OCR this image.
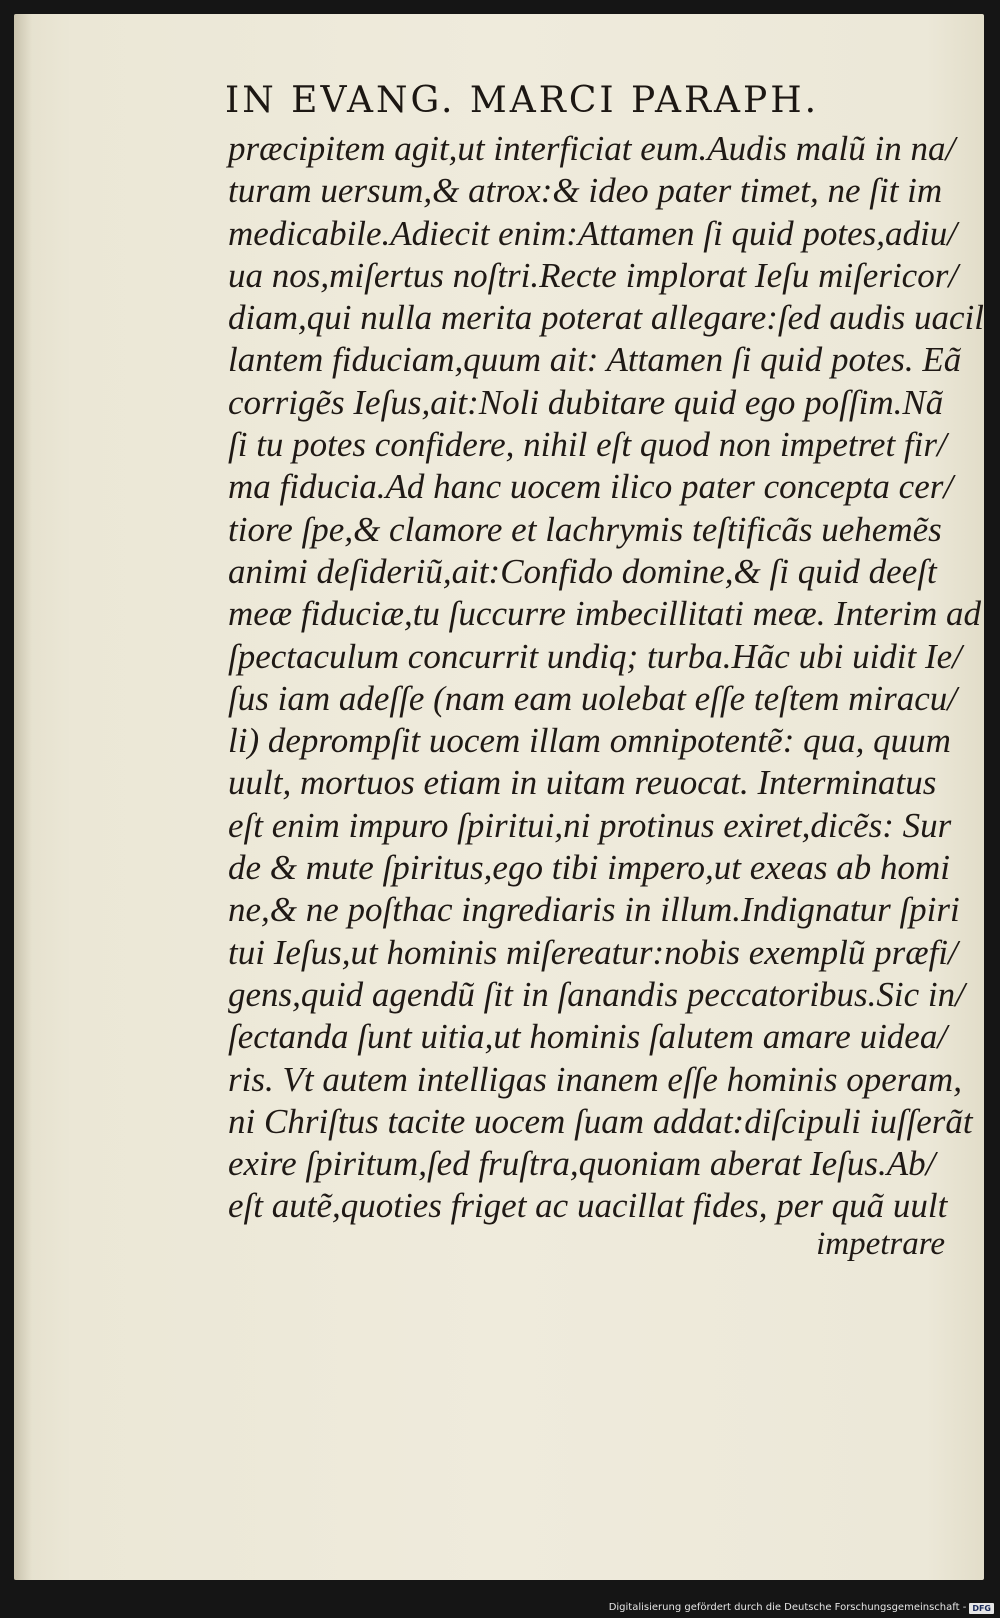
IN EVANG. MARCI PARAPH.
præcipitem agit,ut interficiat eum.Audis malũ in na/
turam uersum,& atrox:& ideo pater timet, ne ſit im
medicabile.Adiecit enim:Attamen ſi quid potes,adiu/
ua nos,miſertus noſtri.Recte implorat Ieſu miſericor/
diam,qui nulla merita poterat allegare:ſed audis uacil
lantem fiduciam,quum ait: Attamen ſi quid potes. Eã
corrigẽs Ieſus,ait:Noli dubitare quid ego poſſim.Nã
ſi tu potes confidere, nihil eſt quod non impetret fir/
ma fiducia.Ad hanc uocem ilico pater concepta cer/
tiore ſpe,& clamore et lachrymis teſtificãs uehemẽs
animi deſideriũ,ait:Confido domine,& ſi quid deeſt
meæ fiduciæ,tu ſuccurre imbecillitati meæ. Interim ad
ſpectaculum concurrit undiq; turba.Hãc ubi uidit Ie/
ſus iam adeſſe (nam eam uolebat eſſe teſtem miracu/
li) deprompſit uocem illam omnipotentẽ: qua, quum
uult, mortuos etiam in uitam reuocat. Interminatus
eſt enim impuro ſpiritui,ni protinus exiret,dicẽs: Sur
de & mute ſpiritus,ego tibi impero,ut exeas ab homi
ne,& ne poſthac ingrediaris in illum.Indignatur ſpiri
tui Ieſus,ut hominis miſereatur:nobis exemplũ præfi/
gens,quid agendũ ſit in ſanandis peccatoribus.Sic in/
ſectanda ſunt uitia,ut hominis ſalutem amare uidea/
ris. Vt autem intelligas inanem eſſe hominis operam,
ni Chriſtus tacite uocem ſuam addat:diſcipuli iuſſerãt
exire ſpiritum,ſed fruſtra,quoniam aberat Ieſus.Ab/
eſt autẽ,quoties friget ac uacillat fides, per quã uult
impetrare
Digitalisierung gefördert durch die Deutsche Forschungsgemeinschaft - DFG
